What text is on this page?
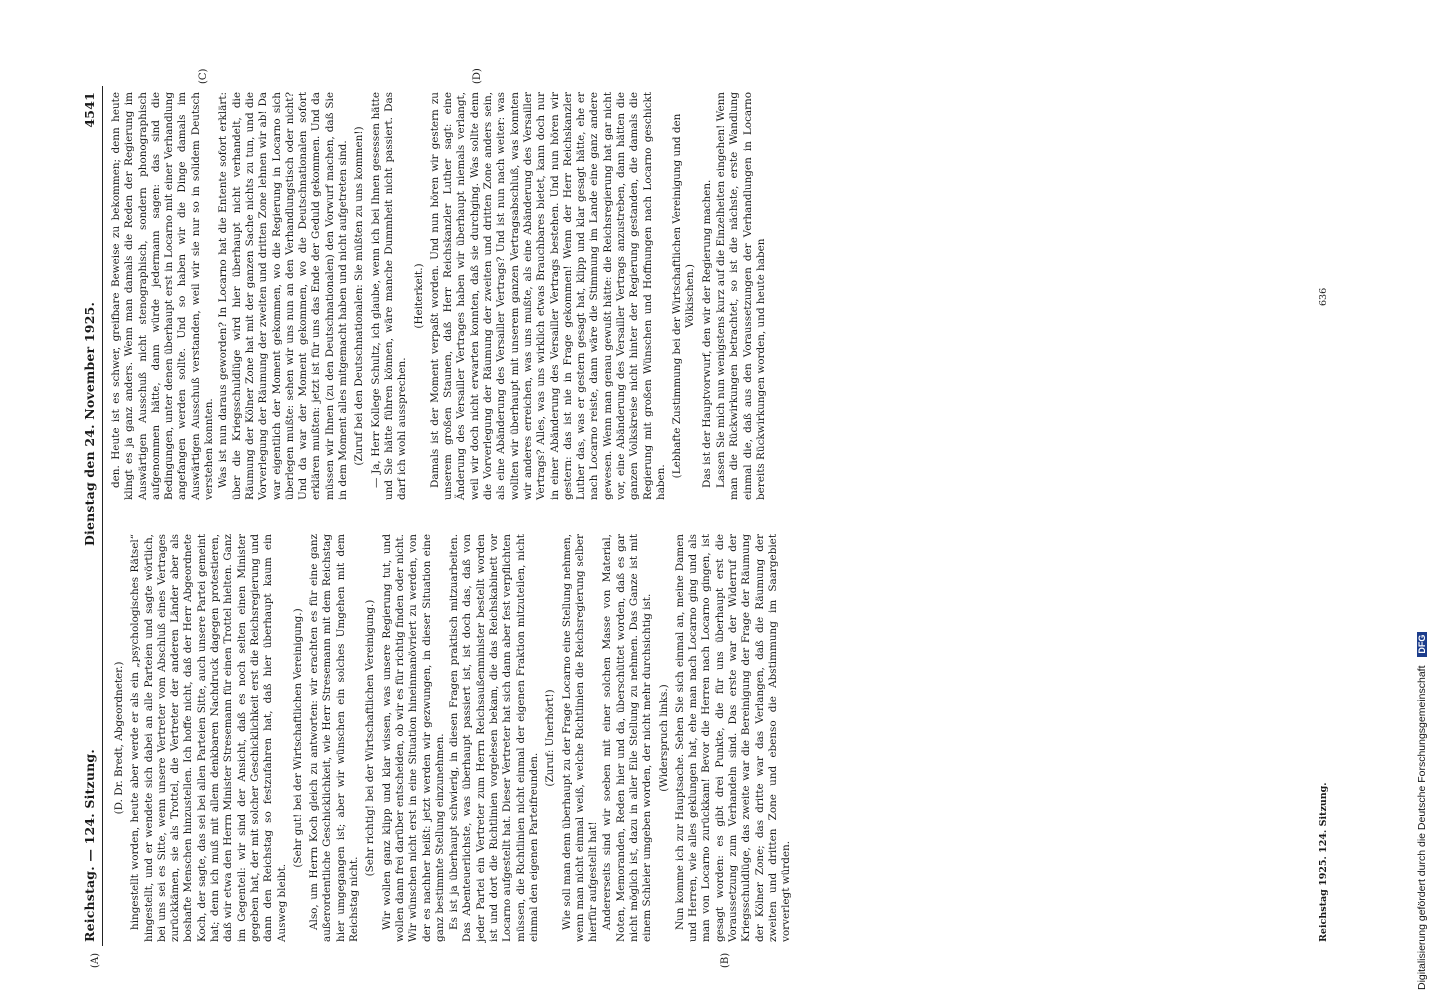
Reichstag. — 124. Sitzung.
Dienstag den 24. November 1925.
4541
(A)	(B)
(C)	(D)

(D. Dr. Bredt, Abgeordneter.) hingestellt worden, heute aber werde er als ein „psychologisches Rätsel“ hingestellt, und er wendete sich dabei an alle Parteien und sagte wörtlich, bei uns sei es Sitte, wenn unsere Vertreter vom Abschluß eines Vertrages zurückkämen, sie als Trottel, die Vertreter der anderen Länder aber als boshafte Menschen hinzustellen. Ich hoffe nicht, daß der Herr Abgeordnete Koch, der sagte, das sei bei allen Parteien Sitte, auch unsere Partei gemeint hat; denn ich muß mit allem denkbaren Nachdruck dagegen protestieren, daß wir etwa den Herrn Minister Stresemann für einen Trottel hielten. Ganz im Gegenteil: wir sind der Ansicht, daß es noch selten einen Minister gegeben hat, der mit solcher Geschicklichkeit erst die Reichsregierung und dann den Reichstag so festzufahren hat, daß hier überhaupt kaum ein Ausweg bleibt.

(Sehr gut! bei der Wirtschaftlichen Vereinigung.) Also, um Herrn Koch gleich zu antworten: wir erachten es für eine ganz außerordentliche Geschicklichkeit, wie Herr Stresemann mit dem Reichstag hier umgegangen ist; aber wir wünschen ein solches Umgehen mit dem Reichstag nicht.

(Sehr richtig! bei der Wirtschaftlichen Vereinigung.) Wir wollen ganz klipp und klar wissen, was unsere Regierung tut, und wollen dann frei darüber entscheiden, ob wir es für richtig finden oder nicht. Wir wünschen nicht erst in eine Situation hineinmanövriert zu werden, von der es nachher heißt: jetzt werden wir gezwungen, in dieser Situation eine ganz bestimmte Stellung einzunehmen. Es ist ja überhaupt schwierig, in diesen Fragen praktisch mitzuarbeiten. Das Abenteuerlichste, was überhaupt passiert ist, ist doch das, daß von jeder Partei ein Vertreter zum Herrn Reichsaußenminister bestellt worden ist und dort die Richtlinien vorgelesen bekam, die das Reichskabinett vor Locarno aufgestellt hat. Dieser Vertreter hat sich dann aber fest verpflichten müssen, die Richtlinien nicht einmal der eigenen Fraktion mitzuteilen, nicht einmal den eigenen Parteifreunden.

(Zuruf: Unerhört!) Wie soll man denn überhaupt zu der Frage Locarno eine Stellung nehmen, wenn man nicht einmal weiß, welche Richtlinien die Reichsregierung selber hierfür aufgestellt hat! Andererseits sind wir soeben mit einer solchen Masse von Material, Noten, Memoranden, Reden hier und da, überschüttet worden, daß es gar nicht möglich ist, dazu in aller Eile Stellung zu nehmen. Das Ganze ist mit einem Schleier umgeben worden, der nicht mehr durchsichtig ist. (Widerspruch links.) Nun komme ich zur Hauptsache. Sehen Sie sich einmal an, meine Damen und Herren, wie alles geklungen hat, ehe man nach Locarno ging und als man von Locarno zurückkam! Bevor die Herren nach Locarno gingen, ist gesagt worden: es gibt drei Punkte, die für uns überhaupt erst die Voraussetzung zum Verhandeln sind. Das erste war der Widerruf der Kriegsschuldlüge, das zweite war die Bereinigung der Frage der Räumung der Kölner Zone; das dritte war das Verlangen, daß die Räumung der zweiten und dritten Zone und ebenso die Abstimmung im Saargebiet vorverlegt würden.

den. Heute ist es schwer, greifbare Beweise zu bekommen; denn heute klingt es ja ganz anders. Wenn man damals die Reden der Regierung im Auswärtigen Ausschuß nicht stenographisch, sondern phonographisch aufgenommen hätte, dann würde jedermann sagen: das sind die Bedingungen, unter denen überhaupt erst in Locarno mit einer Verhandlung angefangen werden sollte. Und so haben wir die Dinge damals im Auswärtigen Ausschuß verstanden, weil wir sie nur so in solidem Deutsch verstehen konnten. Was ist nun daraus geworden? In Locarno hat die Entente sofort erklärt: über die Kriegsschuldlüge wird hier überhaupt nicht verhandelt, die Räumung der Kölner Zone hat mit der ganzen Sache nichts zu tun, und die Vorverlegung der Räumung der zweiten und dritten Zone lehnen wir ab! Da war eigentlich der Moment gekommen, wo die Regierung in Locarno sich überlegen mußte: sehen wir uns nun an den Verhandlungstisch oder nicht? Und da war der Moment gekommen, wo die Deutschnationalen sofort erklären mußten: jetzt ist für uns das Ende der Geduld gekommen. Und da müssen wir Ihnen (zu den Deutschnationalen) den Vorwurf machen, daß Sie in dem Moment alles mitgemacht haben und nicht aufgetreten sind. (Zuruf bei den Deutschnationalen: Sie müßten zu uns kommen!) — Ja, Herr Kollege Schultz, ich glaube, wenn ich bei Ihnen gesessen hätte und Sie hätte führen können, wäre manche Dummheit nicht passiert. Das darf ich wohl aussprechen.

(Heiterkeit.) Damals ist der Moment verpaßt worden. Und nun hören wir gestern zu unserem großen Staunen, daß Herr Reichskanzler Luther sagt: eine Änderung des Versailler Vertrages haben wir überhaupt niemals verlangt, weil wir doch nicht erwarten konnten, daß sie durchging. Was sollte denn die Vorverlegung der Räumung der zweiten und dritten Zone anders sein, als eine Abänderung des Versailler Vertrags? Und ist nun nach weiter: was wollten wir überhaupt mit unserem ganzen Vertragsabschluß, was konnten wir anderes erreichen, was uns mußte, als eine Abänderung des Versailler Vertrags? Alles, was uns wirklich etwas Brauchbares bietet, kann doch nur in einer Abänderung des Versailler Vertrags bestehen. Und nun hören wir gestern: das ist nie in Frage gekommen! Wenn der Herr Reichskanzler Luther das, was er gestern gesagt hat, klipp und klar gesagt hätte, ehe er nach Locarno reiste, dann wäre die Stimmung im Lande eine ganz andere gewesen. Wenn man genau gewußt hätte: die Reichsregierung hat gar nicht vor, eine Abänderung des Versailler Vertrags anzustreben, dann hätten die ganzen Volkskreise nicht hinter der Regierung gestanden, die damals die Regierung mit großen Wünschen und Hoffnungen nach Locarno geschickt haben.

(Lebhafte Zustimmung bei der Wirtschaftlichen Vereinigung und den Völkischen.) Das ist der Hauptvorwurf, den wir der Regierung machen. Lassen Sie mich nun wenigstens kurz auf die Einzelheiten eingehen! Wenn man die Rückwirkungen betrachtet, so ist die nächste, erste Wandlung einmal die, daß aus den Voraussetzungen der Verhandlungen in Locarno bereits Rückwirkungen worden, und heute haben

Reichstag 1925. 124. Sitzung.
636
Digitalisierung gefördert durch die Deutsche Forschungsgemeinschaft DFG
